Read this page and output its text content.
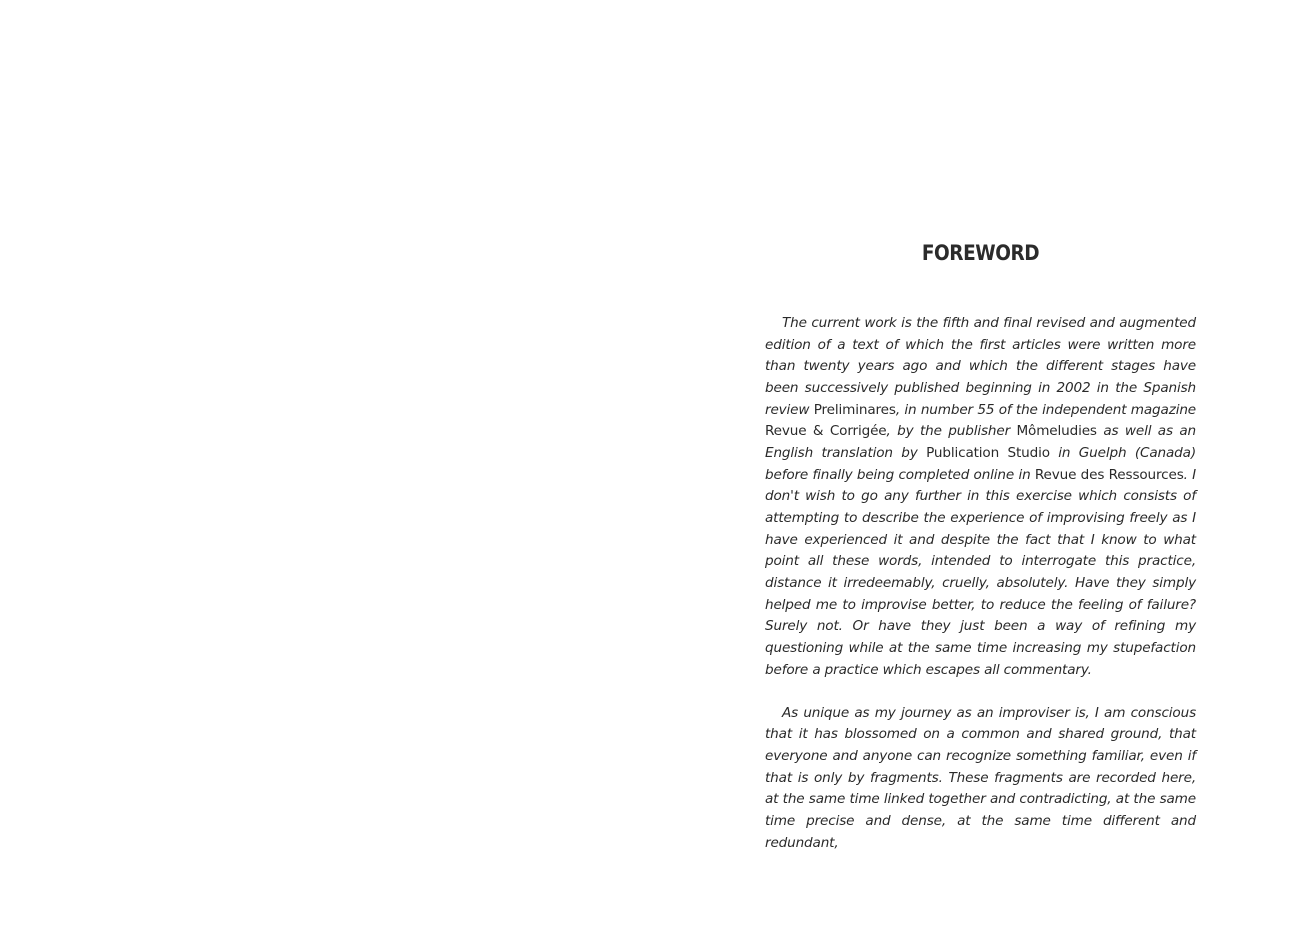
FOREWORD

The current work is the fifth and final revised and augmented edition of a text of which the first articles were written more than twenty years ago and which the different stages have been successively published beginning in 2002 in the Spanish review Preliminares, in number 55 of the independent magazine Revue & Corrigée, by the publisher Mômeludies as well as an English translation by Publication Studio in Guelph (Canada) before finally being completed online in Revue des Ressources. I don't wish to go any further in this exercise which consists of attempting to describe the experience of improvising freely as I have experienced it and despite the fact that I know to what point all these words, intended to interrogate this practice, distance it irredeemably, cruelly, absolutely. Have they simply helped me to improvise better, to reduce the feeling of failure? Surely not. Or have they just been a way of refining my questioning while at the same time increasing my stupefaction before a practice which escapes all commentary.

As unique as my journey as an improviser is, I am conscious that it has blossomed on a common and shared ground, that everyone and anyone can recognize something familiar, even if that is only by fragments. These fragments are recorded here, at the same time linked together and contradicting, at the same time precise and dense, at the same time different and redundant,
